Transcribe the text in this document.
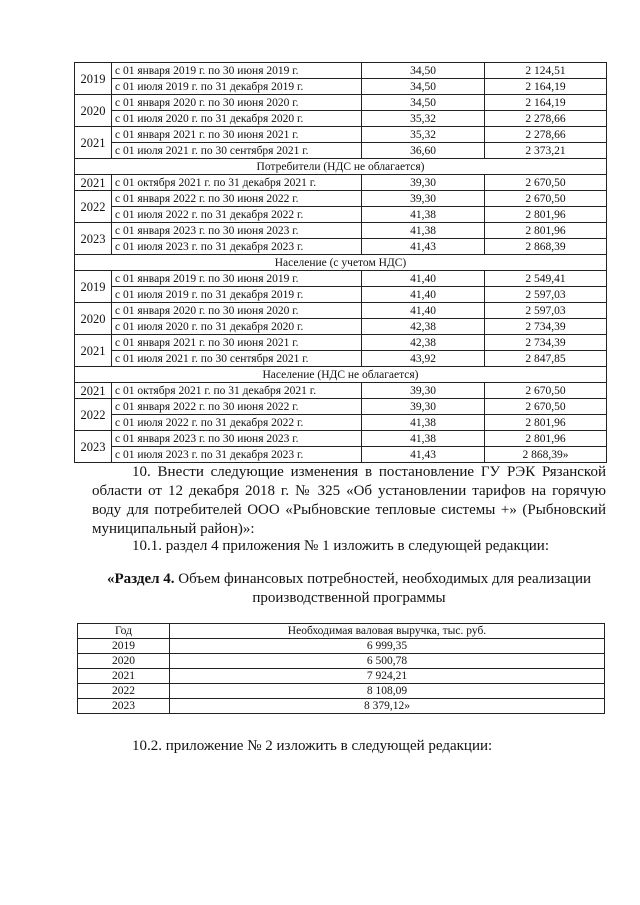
2019	с 01 января 2019 г. по 30 июня 2019 г.	34,50	2 124,51
	с 01 июля 2019 г. по 31 декабря 2019 г.	34,50	2 164,19
2020	с 01 января 2020 г. по 30 июня 2020 г.	34,50	2 164,19
	с 01 июля 2020 г. по 31 декабря 2020 г.	35,32	2 278,66
2021	с 01 января 2021 г. по 30 июня 2021 г.	35,32	2 278,66
	с 01 июля 2021 г. по 30 сентября 2021 г.	36,60	2 373,21
Потребители (НДС не облагается)			
2021	с 01 октября 2021 г. по 31 декабря 2021 г.	39,30	2 670,50
2022	с 01 января 2022 г. по 30 июня 2022 г.	39,30	2 670,50
	с 01 июля 2022 г. по 31 декабря 2022 г.	41,38	2 801,96
2023	с 01 января 2023 г. по 30 июня 2023 г.	41,38	2 801,96
	с 01 июля 2023 г. по 31 декабря 2023 г.	41,43	2 868,39
Население (с учетом НДС)			
2019	с 01 января 2019 г. по 30 июня 2019 г.	41,40	2 549,41
	с 01 июля 2019 г. по 31 декабря 2019 г.	41,40	2 597,03
2020	с 01 января 2020 г. по 30 июня 2020 г.	41,40	2 597,03
	с 01 июля 2020 г. по 31 декабря 2020 г.	42,38	2 734,39
2021	с 01 января 2021 г. по 30 июня 2021 г.	42,38	2 734,39
	с 01 июля 2021 г. по 30 сентября 2021 г.	43,92	2 847,85
Население (НДС не облагается)			
2021	с 01 октября 2021 г. по 31 декабря 2021 г.	39,30	2 670,50
2022	с 01 января 2022 г. по 30 июня 2022 г.	39,30	2 670,50
	с 01 июля 2022 г. по 31 декабря 2022 г.	41,38	2 801,96
2023	с 01 января 2023 г. по 30 июня 2023 г.	41,38	2 801,96
	с 01 июля 2023 г. по 31 декабря 2023 г.	41,43	2 868,39»
10. Внести следующие изменения в постановление ГУ РЭК Рязанской области от 12 декабря 2018 г. № 325 «Об установлении тарифов на горячую воду для потребителей ООО «Рыбновские тепловые системы +» (Рыбновский муниципальный район)»:
10.1. раздел 4 приложения № 1 изложить в следующей редакции:
«Раздел 4. Объем финансовых потребностей, необходимых для реализации производственной программы
Год	Необходимая валовая выручка, тыс. руб.
2019	6 999,35
2020	6 500,78
2021	7 924,21
2022	8 108,09
2023	8 379,12»
10.2. приложение № 2 изложить в следующей редакции:
